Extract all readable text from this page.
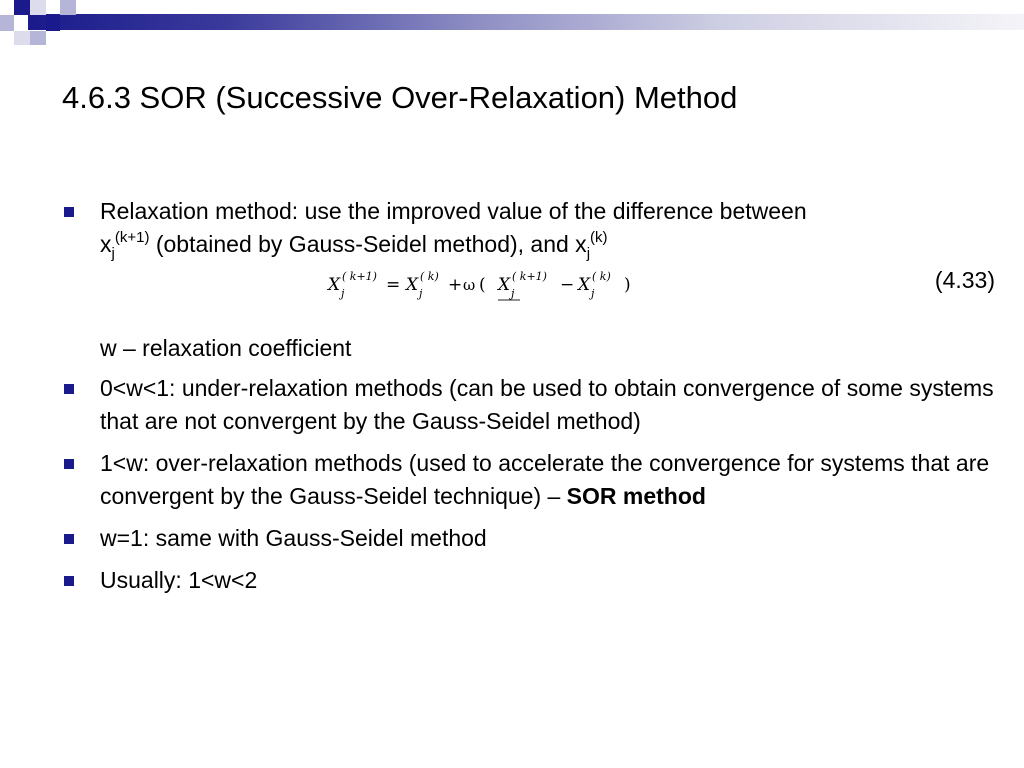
4.6.3 SOR (Successive Over-Relaxation) Method
Relaxation method: use the improved value of the difference between
$x_j^{(k+1)}$ (obtained by Gauss-Seidel method), and $x_j^{(k)}$
X j
( k+1) = X j
( k) + ω ( X j
( k+1) − X j
( k) )	(4.33)
w – relaxation coefficient
0<w<1: under-relaxation methods (can be used to obtain convergence of some systems that are not convergent by the Gauss-Seidel method)
1<w: over-relaxation methods (used to accelerate the convergence for systems that are convergent by the Gauss-Seidel technique) – SOR method
w=1: same with Gauss-Seidel method
Usually: 1<w<2
